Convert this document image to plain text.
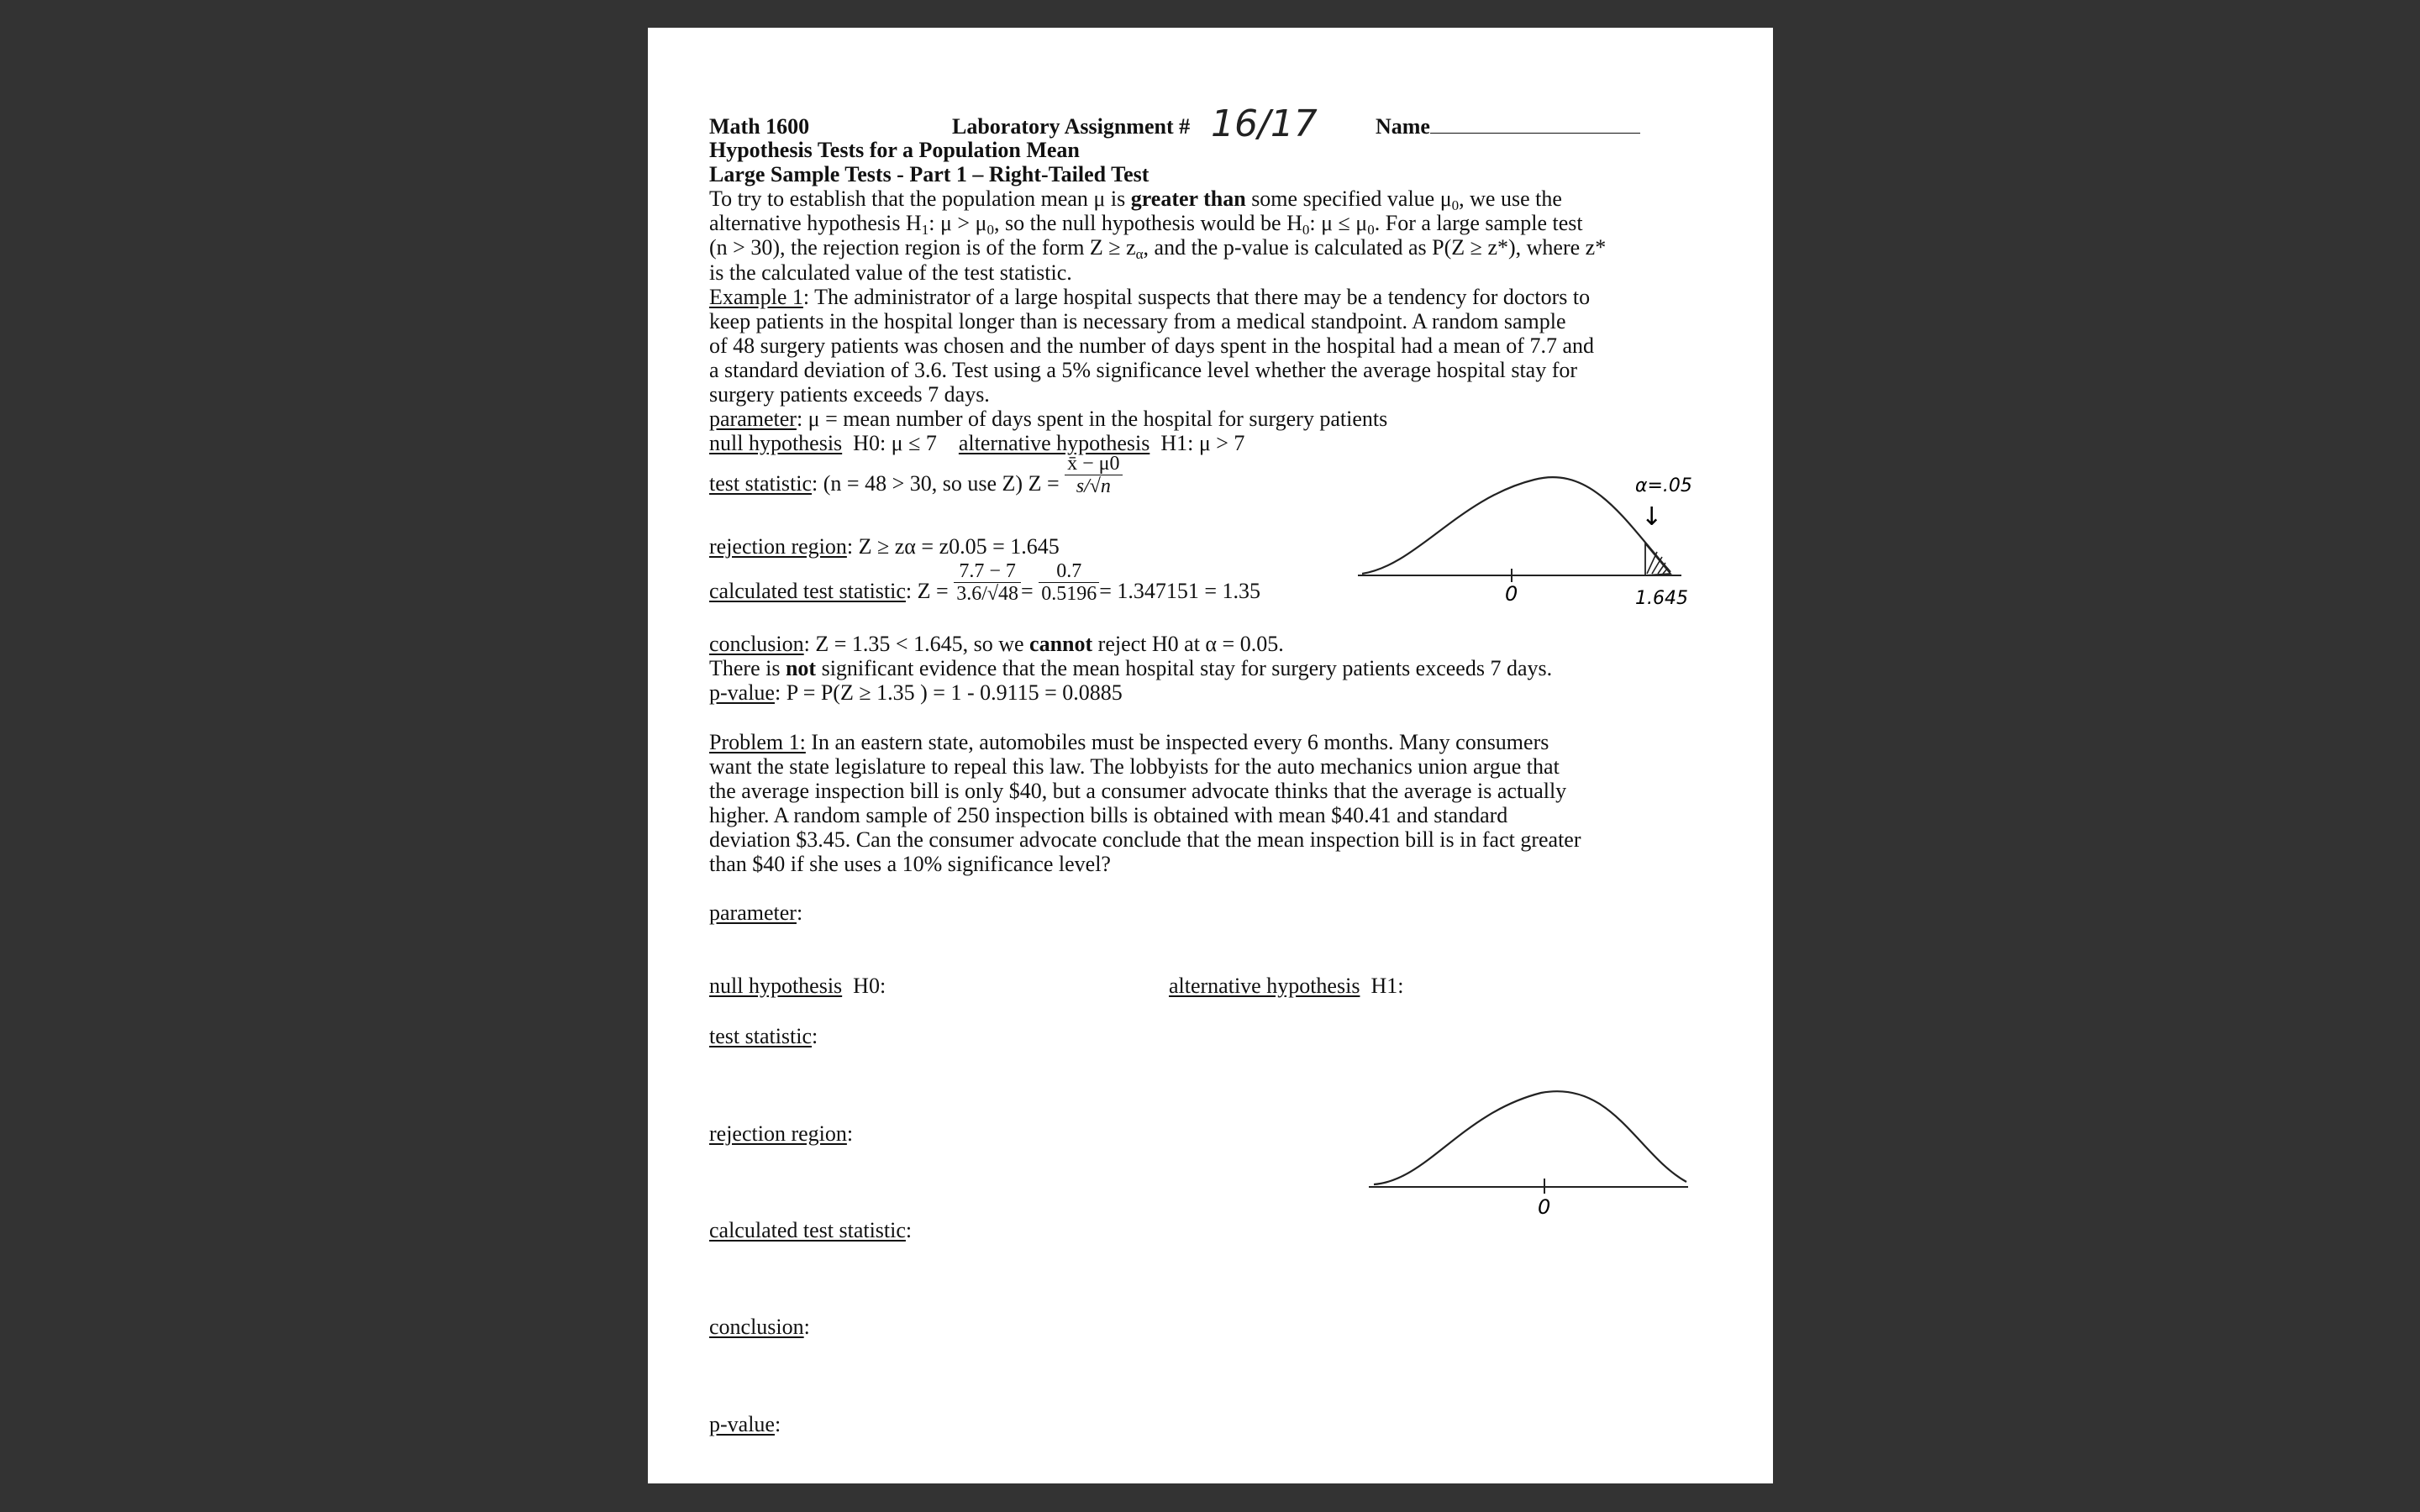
Math 1600	Laboratory Assignment # 16/17	Name
Hypothesis Tests for a Population Mean
Large Sample Tests - Part 1 – Right-Tailed Test
To try to establish that the population mean μ is greater than some specified value $\mu_0$, we use the
alternative hypothesis $H_1$: $\mu > \mu_0$, so the null hypothesis would be $H_0$: $\mu \le \mu_0$. For a large sample test
(n > 30), the rejection region is of the form $Z \ge z_\alpha$, and the p-value is calculated as P(Z ≥ z*), where z*
is the calculated value of the test statistic.
Example 1: The administrator of a large hospital suspects that there may be a tendency for doctors to
keep patients in the hospital longer than is necessary from a medical standpoint. A random sample
of 48 surgery patients was chosen and the number of days spent in the hospital had a mean of 7.7 and
a standard deviation of 3.6. Test using a 5% significance level whether the average hospital stay for
surgery patients exceeds 7 days.
parameter: μ = mean number of days spent in the hospital for surgery patients
null hypothesis H0: μ ≤ 7 alternative hypothesis H1: μ > 7
test statistic: (n = 48 > 30, so use Z) $Z = \frac{x̄ - \mu 0}{s/√n}$
rejection region: Z ≥ zα = z0.05 = 1.645
calculated test statistic: $Z = \frac{7.7 - 7}{3.6/√48} = \frac{0.7}{0.5196} = 1.347151 = 1.35$
conclusion: Z = 1.35 < 1.645, so we cannot reject H0 at α = 0.05.
There is not significant evidence that the mean hospital stay for surgery patients exceeds 7 days.
p-value: P = P(Z ≥ 1.35 ) = 1 - 0.9115 = 0.0885
0	1.645
α=.05
↓
Problem 1: In an eastern state, automobiles must be inspected every 6 months. Many consumers
want the state legislature to repeal this law. The lobbyists for the auto mechanics union argue that
the average inspection bill is only $40, but a consumer advocate thinks that the average is actually
higher. A random sample of 250 inspection bills is obtained with mean $40.41 and standard
deviation $3.45. Can the consumer advocate conclude that the mean inspection bill is in fact greater
than $40 if she uses a 10% significance level?
parameter:
null hypothesis H0:	alternative hypothesis H1:
test statistic:
rejection region:
calculated test statistic:
conclusion:
p-value:
0
